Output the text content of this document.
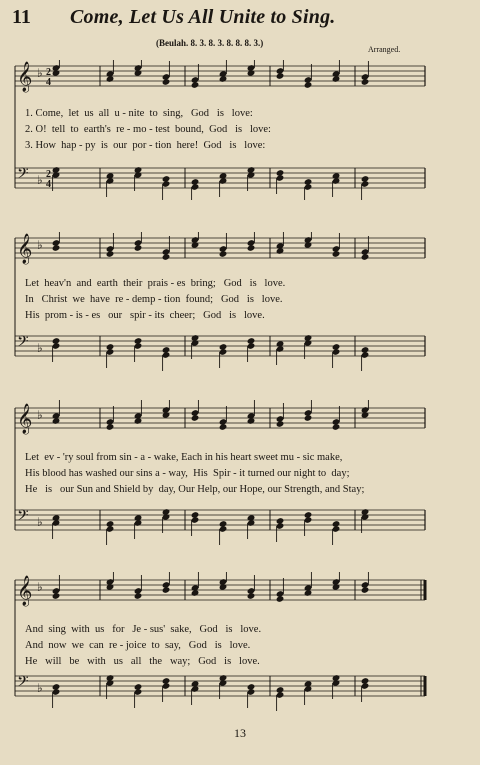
11 Come, Let Us All Unite to Sing.
(Beulah. 8. 3. 8. 3. 8. 8. 8. 3.)
Arranged.
𝄞 ♭ 2
4
𝄢 ♭ 2
4
1. Come,  let  us  all  u - nite  to  sing,   God   is   love:
2. O!  tell  to  earth's  re - mo - test  bound,  God   is   love:
3. How  hap - py  is  our  por - tion  here!  God   is   love:
𝄞 ♭
𝄢 ♭
Let  heav'n  and  earth  their  prais - es  bring;   God   is   love.
In   Christ  we  have  re - demp - tion  found;   God   is   love.
His  prom - is - es   our   spir - its  cheer;   God   is   love.
𝄞 ♭
𝄢 ♭
Let  ev - 'ry soul from sin - a - wake, Each in his heart sweet mu - sic make,
His blood has washed our sins a - way,  His  Spir - it turned our night to  day;
He   is   our Sun and Shield by  day, Our Help, our Hope, our Strength, and Stay;
𝄞 ♭
𝄢 ♭
And  sing  with  us   for   Je - sus'  sake,   God   is   love.
And  now  we  can  re - joice  to  say,   God   is   love.
He   will   be   with   us   all   the   way;   God   is   love.
13
